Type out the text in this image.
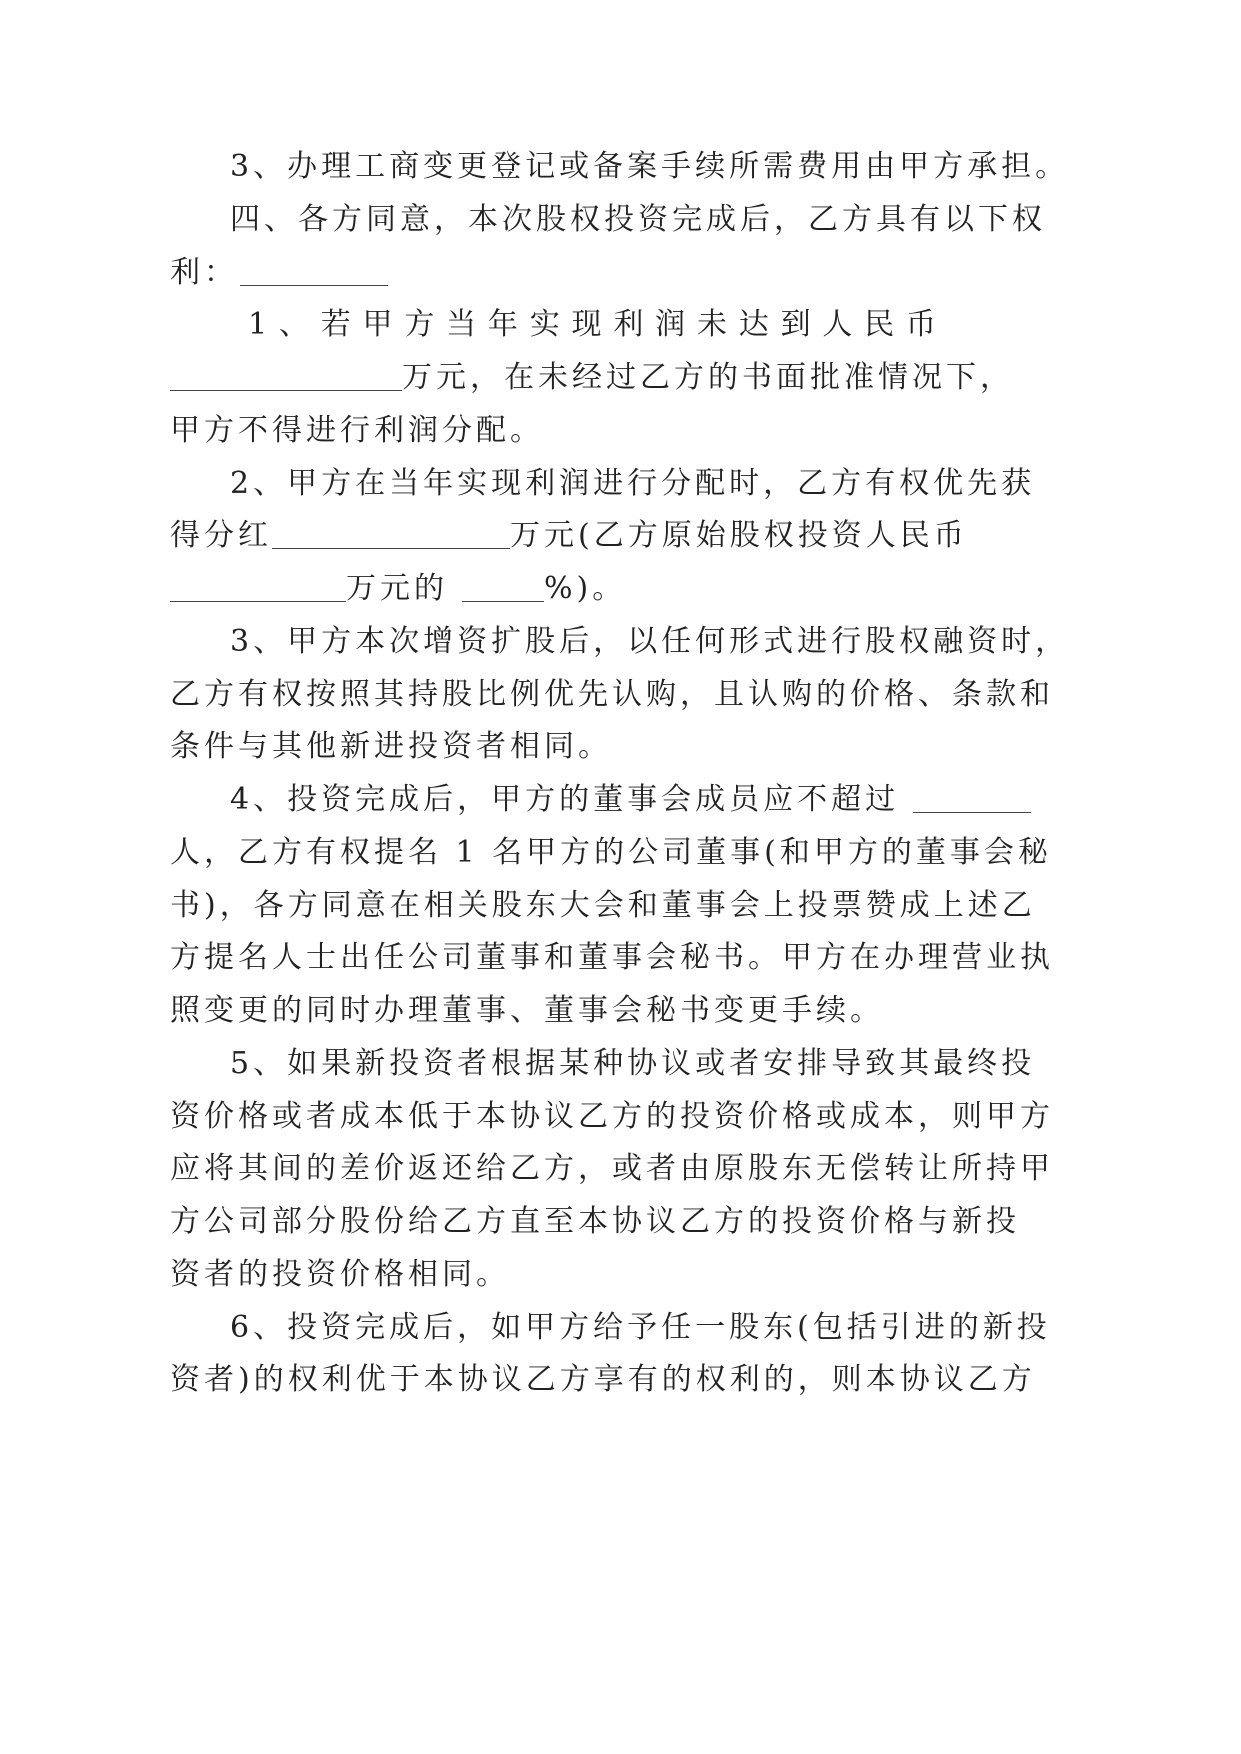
3、办理工商变更登记或备案手续所需费用由甲方承担。
四、各方同意，本次股权投资完成后，乙方具有以下权
利：
1、若甲方当年实现利润未达到人民币
万元，在未经过乙方的书面批准情况下，
甲方不得进行利润分配。
2、甲方在当年实现利润进行分配时，乙方有权优先获
得分红	万元(乙方原始股权投资人民币
万元的	%)。
3、甲方本次增资扩股后，以任何形式进行股权融资时，
乙方有权按照其持股比例优先认购，且认购的价格、条款和
条件与其他新进投资者相同。
4、投资完成后，甲方的董事会成员应不超过
人，乙方有权提名 1 名甲方的公司董事(和甲方的董事会秘
书)，各方同意在相关股东大会和董事会上投票赞成上述乙
方提名人士出任公司董事和董事会秘书。甲方在办理营业执
照变更的同时办理董事、董事会秘书变更手续。
5、如果新投资者根据某种协议或者安排导致其最终投
资价格或者成本低于本协议乙方的投资价格或成本，则甲方
应将其间的差价返还给乙方，或者由原股东无偿转让所持甲
方公司部分股份给乙方直至本协议乙方的投资价格与新投
资者的投资价格相同。
6、投资完成后，如甲方给予任一股东(包括引进的新投
资者)的权利优于本协议乙方享有的权利的，则本协议乙方
